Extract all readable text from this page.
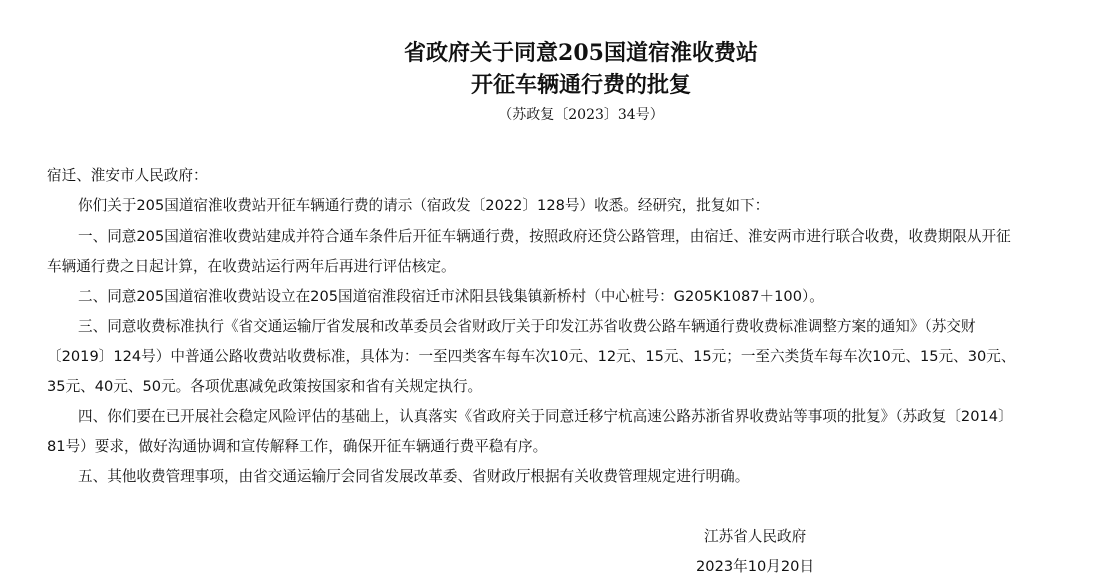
省政府关于同意205国道宿淮收费站
开征车辆通行费的批复
（苏政复〔2023〕34号）
宿迁、淮安市人民政府：
你们关于205国道宿淮收费站开征车辆通行费的请示（宿政发〔2022〕128号）收悉。经研究，批复如下：
一、同意205国道宿淮收费站建成并符合通车条件后开征车辆通行费，按照政府还贷公路管理，由宿迁、淮安两市进行联合收费，收费期限从开征
车辆通行费之日起计算，在收费站运行两年后再进行评估核定。
二、同意205国道宿淮收费站设立在205国道宿淮段宿迁市沭阳县钱集镇新桥村（中心桩号：G205K1087＋100）。
三、同意收费标准执行《省交通运输厅省发展和改革委员会省财政厅关于印发江苏省收费公路车辆通行费收费标准调整方案的通知》（苏交财
〔2019〕124号）中普通公路收费站收费标准，具体为：一至四类客车每车次10元、12元、15元、15元；一至六类货车每车次10元、15元、30元、
35元、40元、50元。各项优惠减免政策按国家和省有关规定执行。
四、你们要在已开展社会稳定风险评估的基础上，认真落实《省政府关于同意迁移宁杭高速公路苏浙省界收费站等事项的批复》（苏政复〔2014〕
81号）要求，做好沟通协调和宣传解释工作，确保开征车辆通行费平稳有序。
五、其他收费管理事项，由省交通运输厅会同省发展改革委、省财政厅根据有关收费管理规定进行明确。
江苏省人民政府
2023年10月20日
